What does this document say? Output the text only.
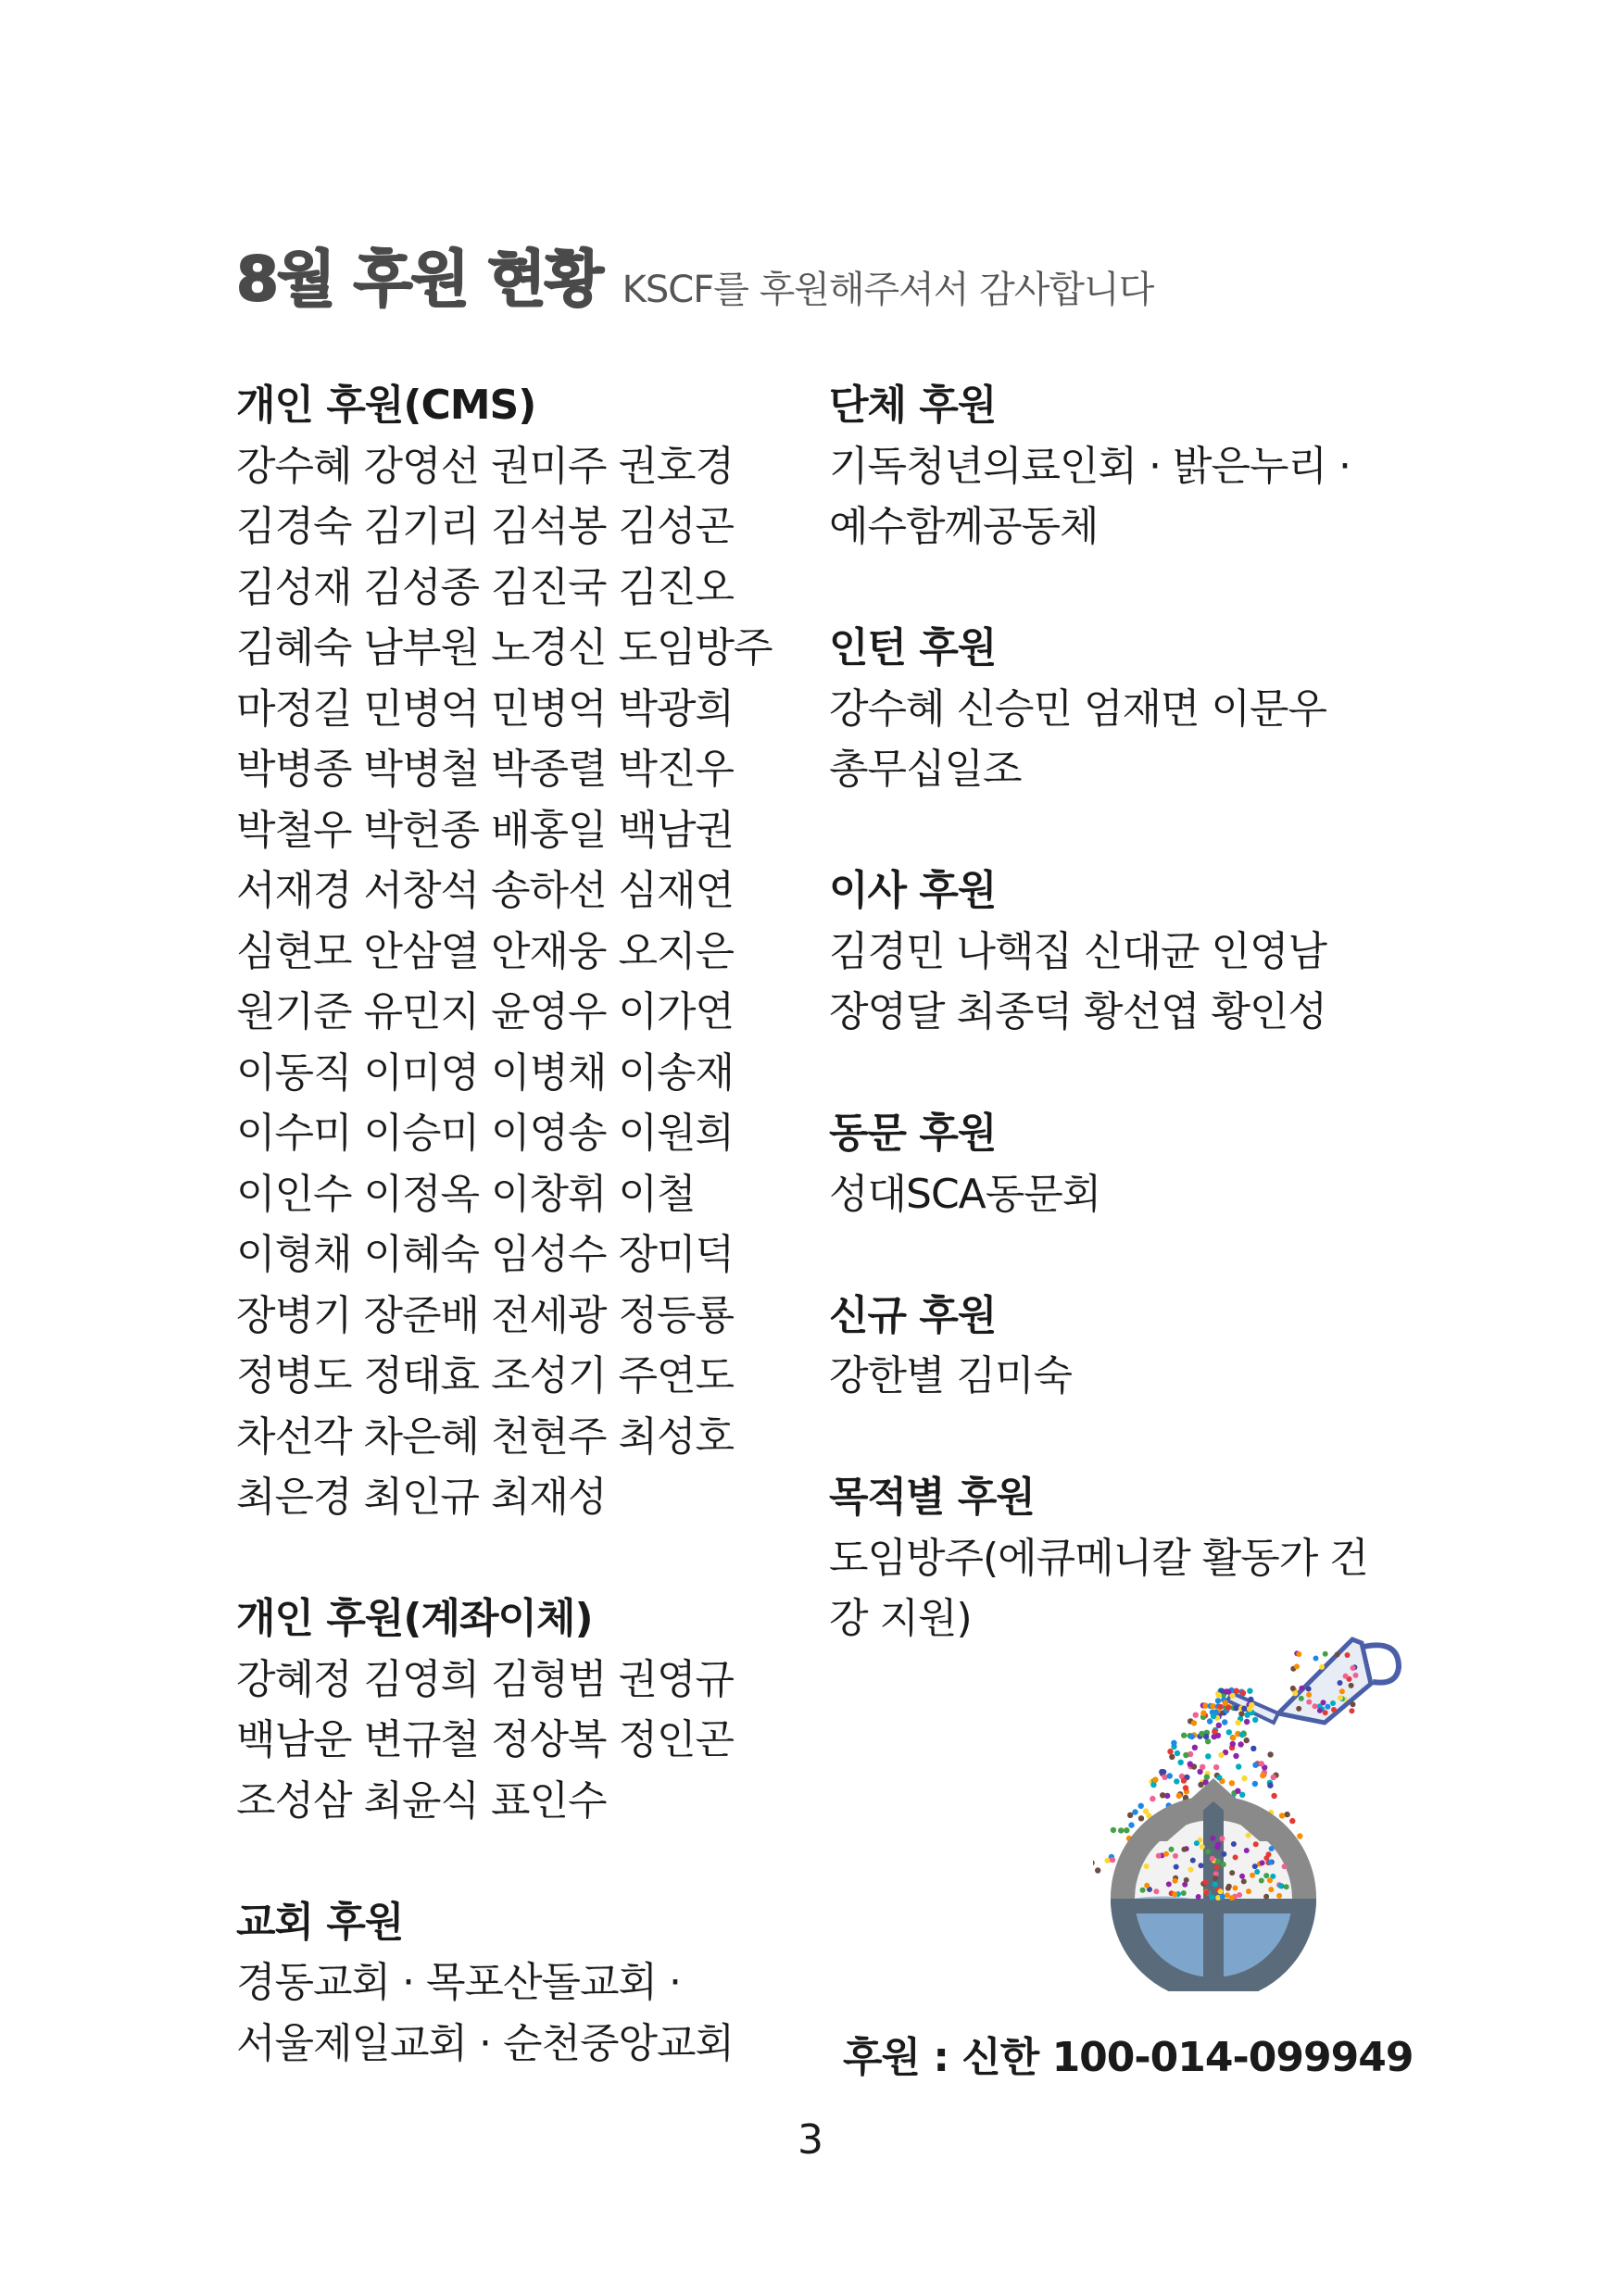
8월 후원 현황 KSCF를 후원해주셔서 감사합니다
개인 후원(CMS)
강수혜 강영선 권미주 권호경
김경숙 김기리 김석봉 김성곤
김성재 김성종 김진국 김진오
김혜숙 남부원 노경신 도임방주
마정길 민병억 민병억 박광희
박병종 박병철 박종렬 박진우
박철우 박헌종 배홍일 백남권
서재경 서창석 송하선 심재연
심현모 안삼열 안재웅 오지은
원기준 유민지 윤영우 이가연
이동직 이미영 이병채 이송재
이수미 이승미 이영송 이원희
이인수 이정옥 이창휘 이철
이형채 이혜숙 임성수 장미덕
장병기 장준배 전세광 정등룡
정병도 정태효 조성기 주연도
차선각 차은혜 천현주 최성호
최은경 최인규 최재성
개인 후원(계좌이체)
강혜정 김영희 김형범 권영규
백남운 변규철 정상복 정인곤
조성삼 최윤식 표인수
교회 후원
경동교회 · 목포산돌교회 ·
서울제일교회 · 순천중앙교회
단체 후원
기독청년의료인회 · 밝은누리 ·
예수함께공동체
인턴 후원
강수혜 신승민 엄재면 이문우
총무십일조
이사 후원
김경민 나핵집 신대균 인영남
장영달 최종덕 황선엽 황인성
동문 후원
성대SCA동문회
신규 후원
강한별 김미숙
목적별 후원
도임방주(에큐메니칼 활동가 건
강 지원)
후원 : 신한 100-014-099949
3
